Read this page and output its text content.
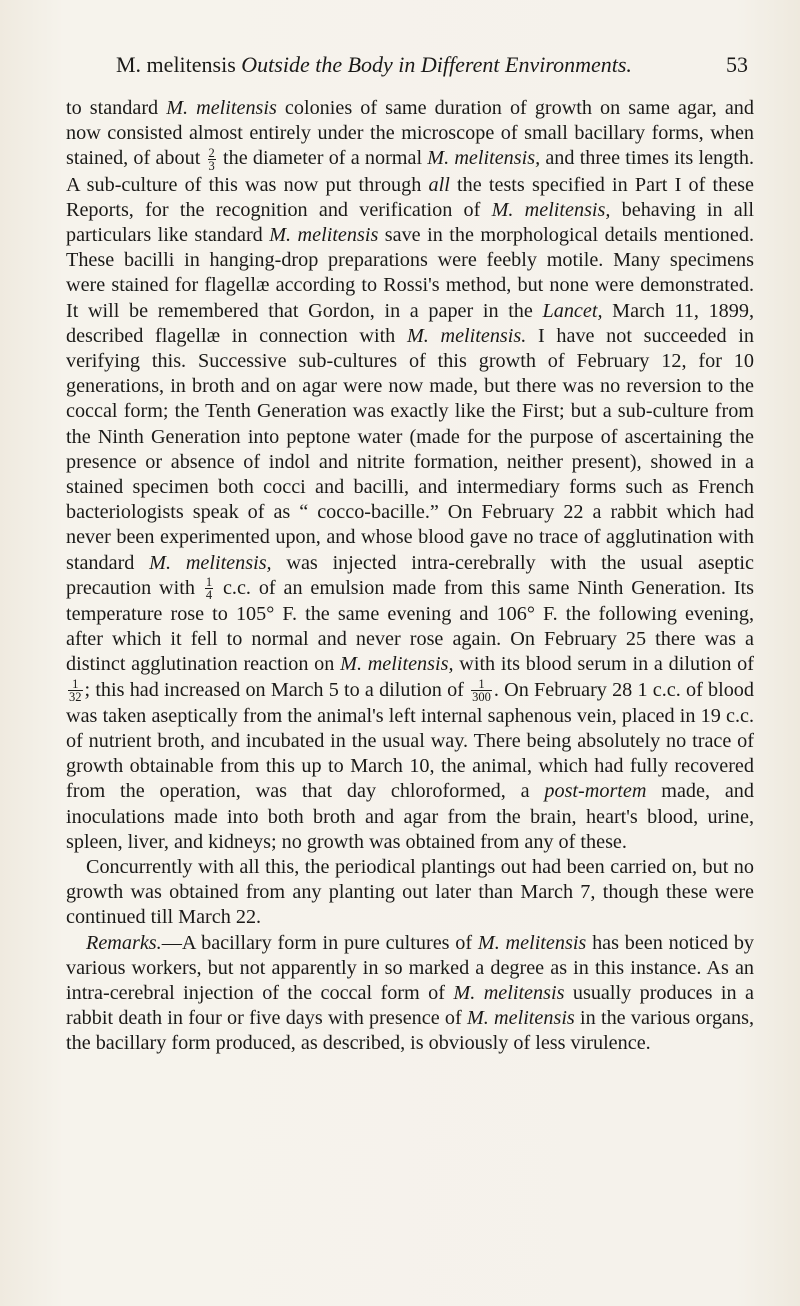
M. melitensis Outside the Body in Different Environments.	53

to standard M. melitensis colonies of same duration of growth on same agar, and now consisted almost entirely under the microscope of small bacillary forms, when stained, of about $\frac{2}{3}$ the diameter of a normal M. melitensis, and three times its length. A sub-culture of this was now put through all the tests specified in Part I of these Reports, for the recognition and verification of M. melitensis, behaving in all particulars like standard M. melitensis save in the morphological details mentioned. These bacilli in hanging-drop preparations were feebly motile. Many specimens were stained for flagellæ according to Rossi's method, but none were demonstrated. It will be remembered that Gordon, in a paper in the Lancet, March 11, 1899, described flagellæ in connection with M. melitensis. I have not succeeded in verifying this. Successive sub-cultures of this growth of February 12, for 10 generations, in broth and on agar were now made, but there was no reversion to the coccal form; the Tenth Generation was exactly like the First; but a sub-culture from the Ninth Generation into peptone water (made for the purpose of ascertaining the presence or absence of indol and nitrite formation, neither present), showed in a stained specimen both cocci and bacilli, and intermediary forms such as French bacteriologists speak of as “ cocco-bacille.” On February 22 a rabbit which had never been experimented upon, and whose blood gave no trace of agglutination with standard M. melitensis, was injected intra-cerebrally with the usual aseptic precaution with $\frac{1}{4} c.c$. of an emulsion made from this same Ninth Generation. Its temperature rose to 105° F. the same evening and 106° F. the following evening, after which it fell to normal and never rose again. On February 25 there was a distinct agglutination reaction on M. melitensis, with its blood serum in a dilution of
$\frac{1}{32}$ ; this had increased on March 5 to a dilution of $\frac{1}{300}$ . On February 28 1 c.c. of blood was taken aseptically from the animal's left internal saphenous vein, placed in 19 c.c. of nutrient broth, and incubated in the usual way. There being absolutely no trace of growth obtainable from this up to March 10, the animal, which had fully recovered from the operation, was that day chloroformed, a post-mortem made, and inoculations made into both broth and agar from the brain, heart's blood, urine, spleen, liver, and kidneys; no growth was obtained from any of these.

Concurrently with all this, the periodical plantings out had been carried on, but no growth was obtained from any planting out later than March 7, though these were continued till March 22.

Remarks.—A bacillary form in pure cultures of M. melitensis has been noticed by various workers, but not apparently in so marked a degree as in this instance. As an intra-cerebral injection of the coccal form of M. melitensis usually produces in a rabbit death in four or five days with presence of M. melitensis in the various organs, the bacillary form produced, as described, is obviously of less virulence.
